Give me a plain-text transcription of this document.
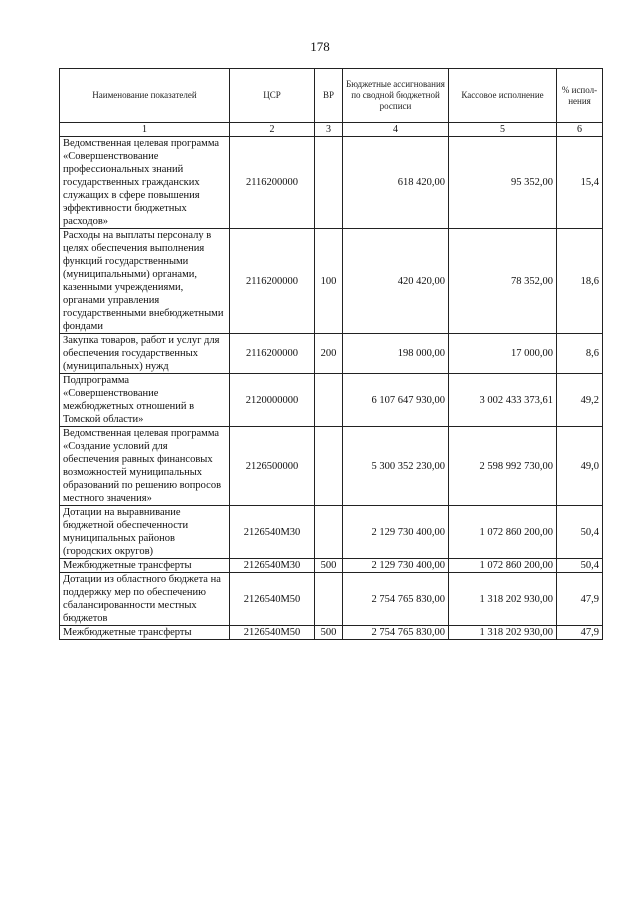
178
Наименование показателей	ЦСР	ВР	Бюджетные ассигнования по сводной бюджетной росписи	Кассовое исполнение	% испол-нения
1	2	3	4	5	6
Ведомственная целевая программа «Совершенствование профессиональных знаний государственных гражданских служащих в сфере повышения эффективности бюджетных расходов»	2116200000		618 420,00	95 352,00	15,4
Расходы на выплаты персоналу в целях обеспечения выполнения функций государственными (муниципальными) органами, казенными учреждениями, органами управления государственными внебюджетными фондами	2116200000	100	420 420,00	78 352,00	18,6
Закупка товаров, работ и услуг для обеспечения государственных (муниципальных) нужд	2116200000	200	198 000,00	17 000,00	8,6
Подпрограмма «Совершенствование межбюджетных отношений в Томской области»	2120000000		6 107 647 930,00	3 002 433 373,61	49,2
Ведомственная целевая программа «Создание условий для обеспечения равных финансовых возможностей муниципальных образований по решению вопросов местного значения»	2126500000		5 300 352 230,00	2 598 992 730,00	49,0
Дотации на выравнивание бюджетной обеспеченности муниципальных районов (городских округов)	2126540М30		2 129 730 400,00	1 072 860 200,00	50,4
Межбюджетные трансферты	2126540М30	500	2 129 730 400,00	1 072 860 200,00	50,4
Дотации из областного бюджета на поддержку мер по обеспечению сбалансированности местных бюджетов	2126540М50		2 754 765 830,00	1 318 202 930,00	47,9
Межбюджетные трансферты	2126540М50	500	2 754 765 830,00	1 318 202 930,00	47,9
